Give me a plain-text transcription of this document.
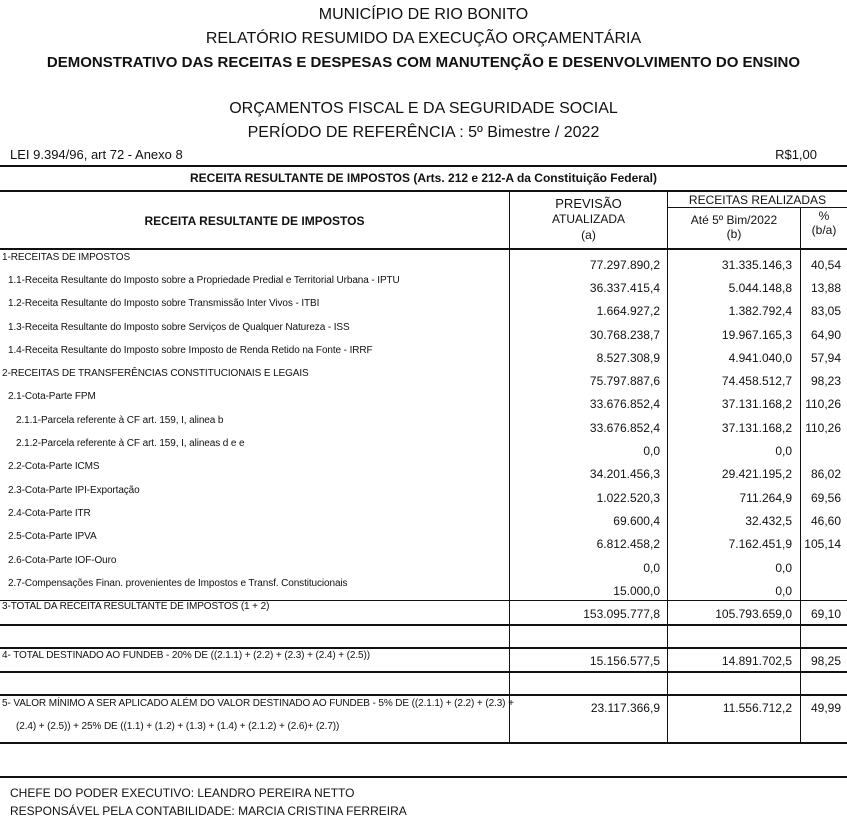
MUNICÍPIO DE RIO BONITO
RELATÓRIO RESUMIDO DA EXECUÇÃO ORÇAMENTÁRIA
DEMONSTRATIVO DAS RECEITAS E DESPESAS COM MANUTENÇÃO E DESENVOLVIMENTO DO ENSINO
ORÇAMENTOS FISCAL E DA SEGURIDADE SOCIAL
PERÍODO DE REFERÊNCIA : 5º Bimestre / 2022
LEI 9.394/96, art 72 - Anexo 8	R$1,00
RECEITA RESULTANTE DE IMPOSTOS (Arts. 212 e 212-A da Constituição Federal)
RECEITA RESULTANTE DE IMPOSTOS
PREVISÃO
ATUALIZADA
(a)
RECEITAS REALIZADAS
Até 5º Bim/2022
(b)
%
(b/a)
1-RECEITAS DE IMPOSTOS
77.297.890,2	31.335.146,3 40,54
1.1-Receita Resultante do Imposto sobre a Propriedade Predial e Territorial Urbana - IPTU
36.337.415,4	5.044.148,8 13,88
1.2-Receita Resultante do Imposto sobre Transmissão Inter Vivos - ITBI
1.664.927,2	1.382.792,4 83,05
1.3-Receita Resultante do Imposto sobre Serviços de Qualquer Natureza - ISS
30.768.238,7	19.967.165,3 64,90
1.4-Receita Resultante do Imposto sobre Imposto de Renda Retido na Fonte - IRRF
8.527.308,9	4.941.040,0 57,94
2-RECEITAS DE TRANSFERÊNCIAS CONSTITUCIONAIS E LEGAIS
75.797.887,6	74.458.512,7 98,23
2.1-Cota-Parte FPM
33.676.852,4	37.131.168,2 110,26
2.1.1-Parcela referente à CF art. 159, I, alinea b
33.676.852,4	37.131.168,2 110,26
2.1.2-Parcela referente à CF art. 159, I, alineas d e e
0,0	0,0
2.2-Cota-Parte ICMS
34.201.456,3	29.421.195,2 86,02
2.3-Cota-Parte IPI-Exportação
1.022.520,3	711.264,9 69,56
2.4-Cota-Parte ITR
69.600,4	32.432,5 46,60
2.5-Cota-Parte IPVA
6.812.458,2	7.162.451,9 105,14
2.6-Cota-Parte IOF-Ouro
0,0	0,0
2.7-Compensações Finan. provenientes de Impostos e Transf. Constitucionais
15.000,0	0,0
3-TOTAL DA RECEITA RESULTANTE DE IMPOSTOS (1 + 2)
153.095.777,8	105.793.659,0 69,10
4- TOTAL DESTINADO AO FUNDEB - 20% DE ((2.1.1) + (2.2) + (2.3) + (2.4) + (2.5))	15.156.577,5	14.891.702,5 98,25
5- VALOR MÍNIMO A SER APLICADO ALÉM DO VALOR DESTINADO AO FUNDEB - 5% DE ((2.1.1) + (2.2) + (2.3) +
(2.4) + (2.5)) + 25% DE ((1.1) + (1.2) + (1.3) + (1.4) + (2.1.2) + (2.6)+ (2.7))
23.117.366,9	11.556.712,2 49,99
CHEFE DO PODER EXECUTIVO: LEANDRO PEREIRA NETTO
RESPONSÁVEL PELA CONTABILIDADE: MARCIA CRISTINA FERREIRA
